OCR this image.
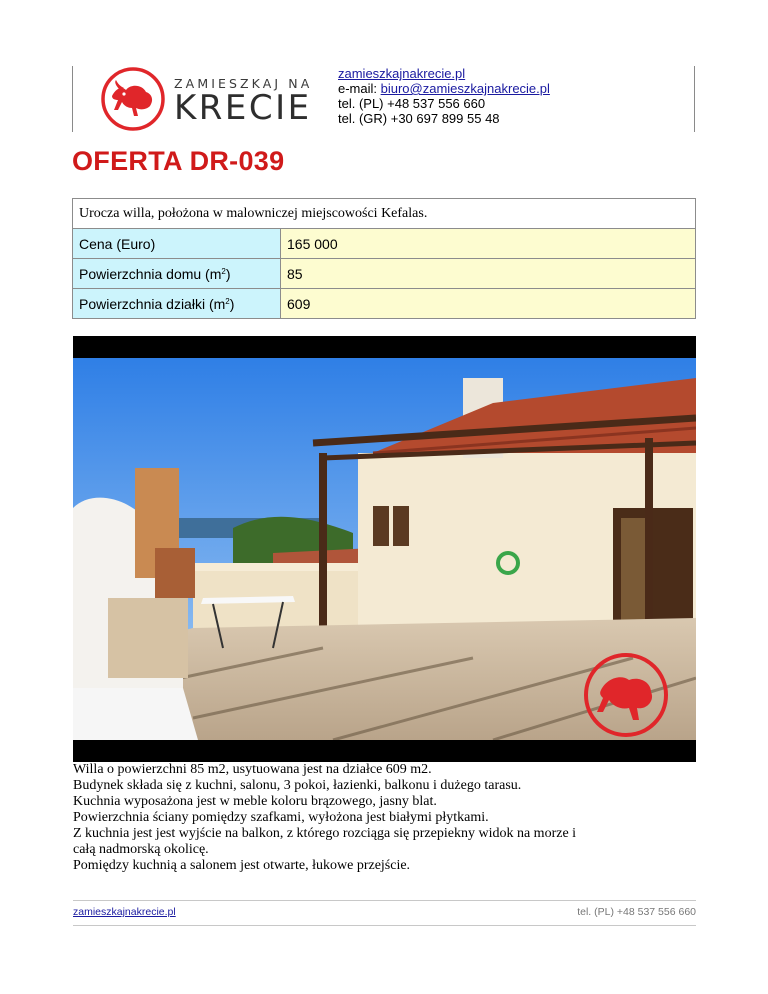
ZAMIESZKAJ NA
KRECIE
zamieszkajnakrecie.pl
e-mail: biuro@zamieszkajnakrecie.pl
tel. (PL) +48 537 556 660
tel. (GR) +30 697 899 55 48
OFERTA DR-039
Urocza willa, położona w malowniczej miejscowości Kefalas.	
Cena (Euro)	165 000
Powierzchnia domu $(m^2)$	85
Powierzchnia działki $(m^2)$	609

Willa o powierzchni 85 m2, usytuowana jest na działce 609 m2.

Budynek składa się z kuchni, salonu, 3 pokoi, łazienki, balkonu i dużego tarasu.

Kuchnia wyposażona jest w meble koloru brązowego, jasny blat.

Powierzchnia ściany pomiędzy szafkami, wyłożona jest białymi płytkami.

Z kuchnia jest jest wyjście na balkon, z którego rozciąga się przepiekny widok na morze i

całą nadmorską okolicę.

Pomiędzy kuchnią a salonem jest otwarte, łukowe przejście.

zamieszkajnakrecie.pl	tel. (PL) +48 537 556 660
